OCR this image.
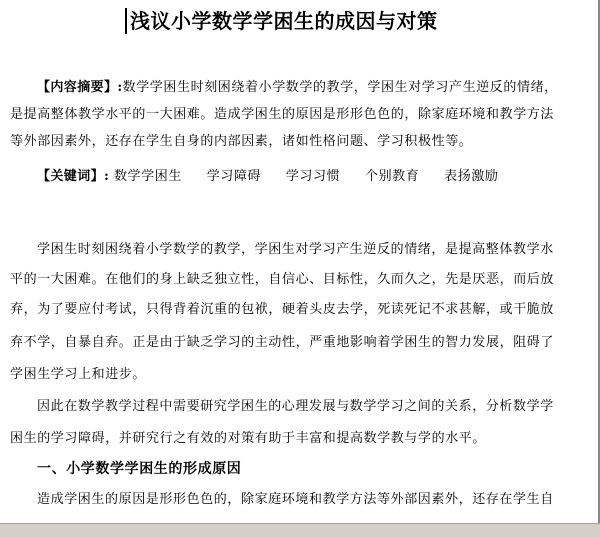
浅议小学数学学困生的成因与对策
【内容摘要】:数学学困生时刻困绕着小学数学的教学，学困生对学习产生逆反的情绪，
是提高整体教学水平的一大困难。造成学困生的原因是形形色色的，除家庭环境和教学方法
等外部因素外，还存在学生自身的内部因素，诸如性格问题、学习积极性等。
【关键词】: 数学学困生 学习障碍 学习习惯 个别教育 表扬激励
学困生时刻困绕着小学数学的教学，学困生对学习产生逆反的情绪，是提高整体教学水
平的一大困难。在他们的身上缺乏独立性，自信心、目标性，久而久之，先是厌恶，而后放
弃，为了要应付考试，只得背着沉重的包袱，硬着头皮去学，死读死记不求甚解，或干脆放
弃不学，自暴自弃。正是由于缺乏学习的主动性，严重地影响着学困生的智力发展，阻碍了
学困生学习上和进步。
因此在数学教学过程中需要研究学困生的心理发展与数学学习之间的关系，分析数学学
困生的学习障碍，并研究行之有效的对策有助于丰富和提高数学教与学的水平。
一、小学数学学困生的形成原因
造成学困生的原因是形形色色的，除家庭环境和教学方法等外部因素外，还存在学生自
